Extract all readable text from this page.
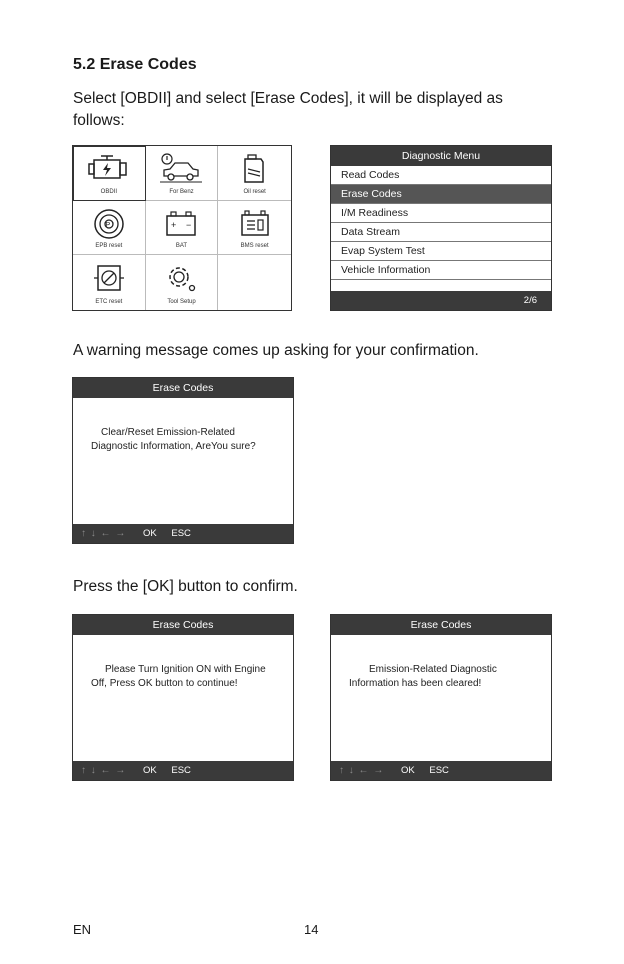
5.2 Erase Codes
Select [OBDII] and select [Erase Codes], it will be displayed as follows:
OBDII	For Benz	Oil reset
P
EPB reset
+ −
BAT	BMS reset
ETC reset	Tool Setup
Diagnostic Menu
Read Codes
Erase Codes
I/M Readiness
Data Stream
Evap System Test
Vehicle Information
2/6
A warning message comes up asking for your confirmation.
Erase Codes
Clear/Reset Emission-Related Diagnostic Information, AreYou sure?
↑ ↓ ← → OK ESC
Press the [OK] button to confirm.
Erase Codes
Please Turn Ignition ON with Engine Off, Press OK button to continue!
↑ ↓ ← → OK ESC
Erase Codes
Emission-Related Diagnostic Information has been cleared!
↑ ↓ ← → OK ESC
EN	14
